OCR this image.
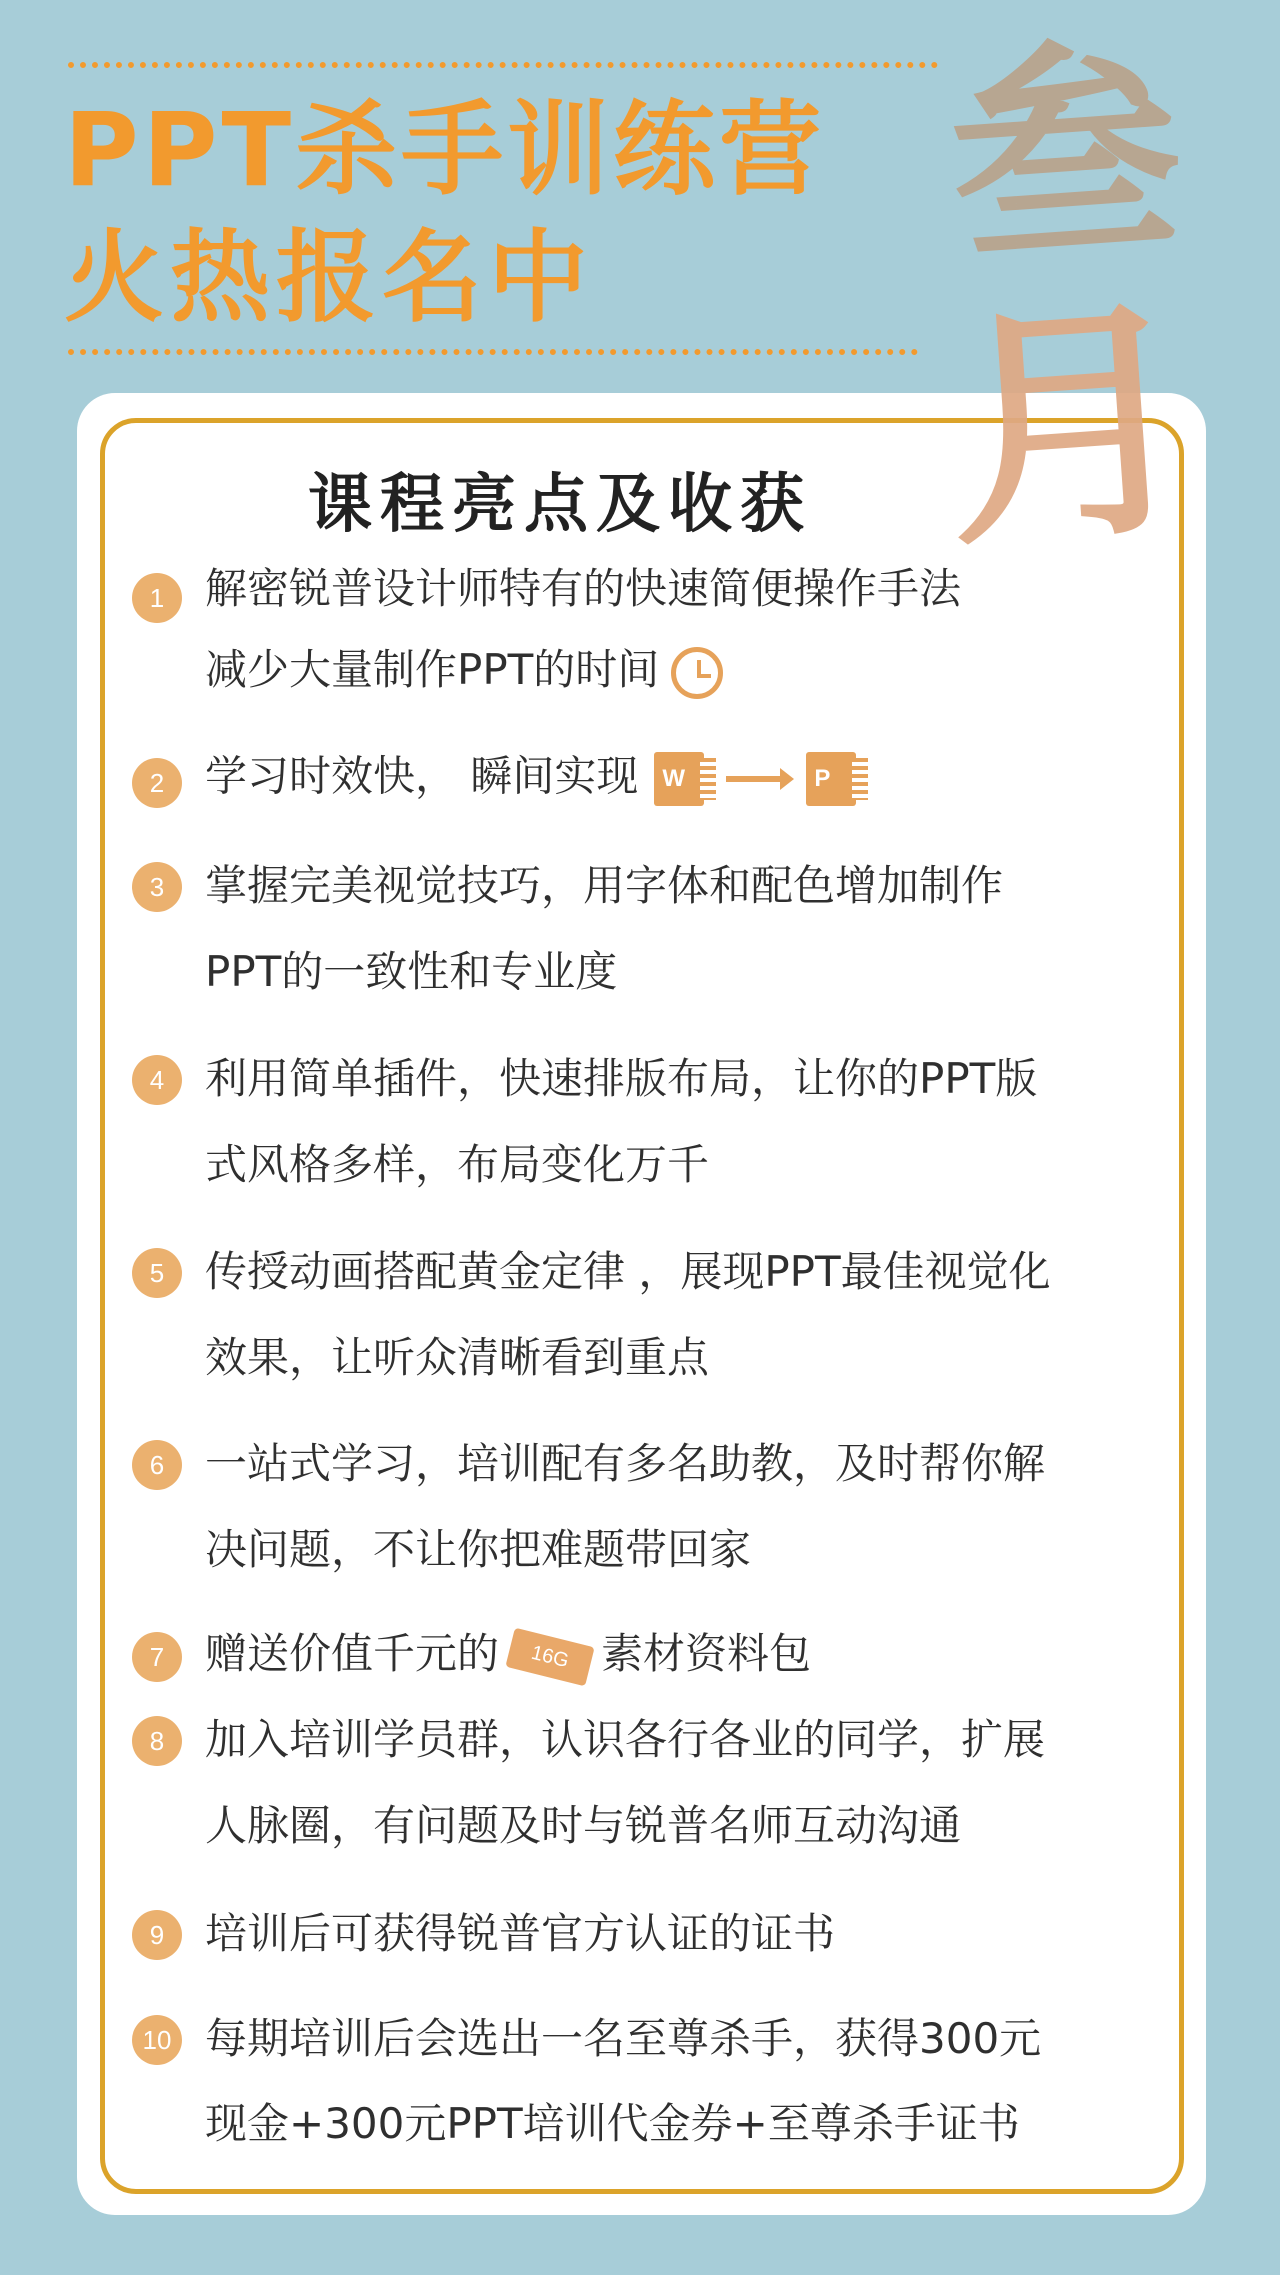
PPT杀手训练营
火热报名中 叁
月
课程亮点及收获
1 解密锐普设计师特有的快速简便操作手法
减少大量制作PPT的时间
2 学习时效快， 瞬间实现 W	P
3 掌握完美视觉技巧，用字体和配色增加制作
PPT的一致性和专业度
4 利用简单插件，快速排版布局，让你的PPT版
式风格多样，布局变化万千
5 传授动画搭配黄金定律 ，展现PPT最佳视觉化
效果，让听众清晰看到重点
6 一站式学习，培训配有多名助教，及时帮你解
决问题，不让你把难题带回家
7 赠送价值千元的 16G 素材资料包
8 加入培训学员群，认识各行各业的同学，扩展
人脉圈，有问题及时与锐普名师互动沟通
9 培训后可获得锐普官方认证的证书
10 每期培训后会选出一名至尊杀手，获得300元
现金+300元PPT培训代金券+至尊杀手证书
